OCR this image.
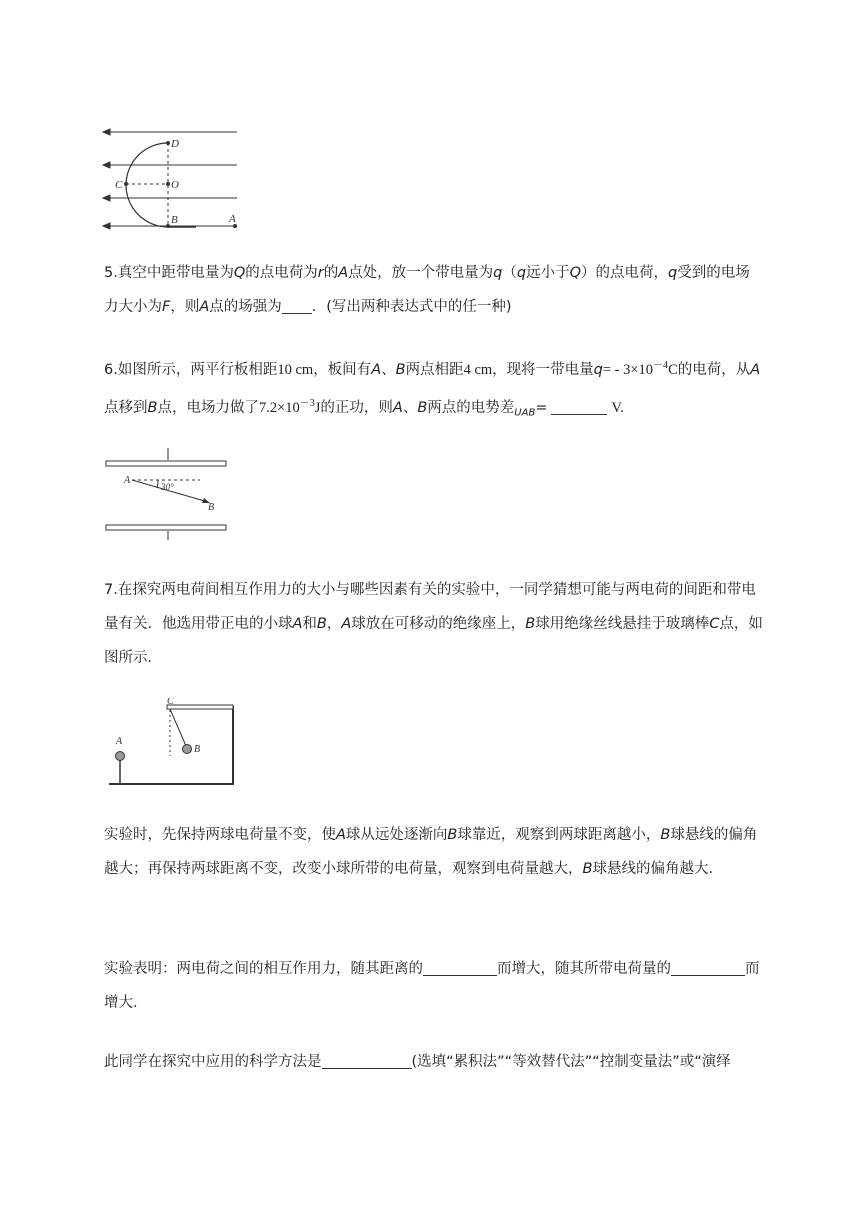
D
C	O
B	A
5.真空中距带电量为Q的点电荷为r的A点处，放一个带电量为q（q远小于Q）的点电荷，q受到的电场力大小为F，则A点的场强为 ．(写出两种表达式中的任一种)
6.如图所示，两平行板相距10 cm，板间有A、B两点相距4 cm，现将一带电量$q= - 3\times 10^{-4}C$的电荷，从A点移到B点，电场力做了$7.2\times 10^{-3}J$的正功，则A、B两点的电势差$_{UAB}$=	V.
A
B
30°
7.在探究两电荷间相互作用力的大小与哪些因素有关的实验中，一同学猜想可能与两电荷的间距和带电量有关．他选用带正电的小球A和B，A球放在可移动的绝缘座上，B球用绝缘丝线悬挂于玻璃棒C点，如图所示．
A
B
C
实验时，先保持两球电荷量不变，使A球从远处逐渐向B球靠近，观察到两球距离越小，B球悬线的偏角越大；再保持两球距离不变，改变小球所带的电荷量，观察到电荷量越大，B球悬线的偏角越大．
实验表明：两电荷之间的相互作用力，随其距离的	而增大，随其所带电荷量的	而增大．
此同学在探究中应用的科学方法是	(选填“累积法”“等效替代法”“控制变量法”或“演绎
